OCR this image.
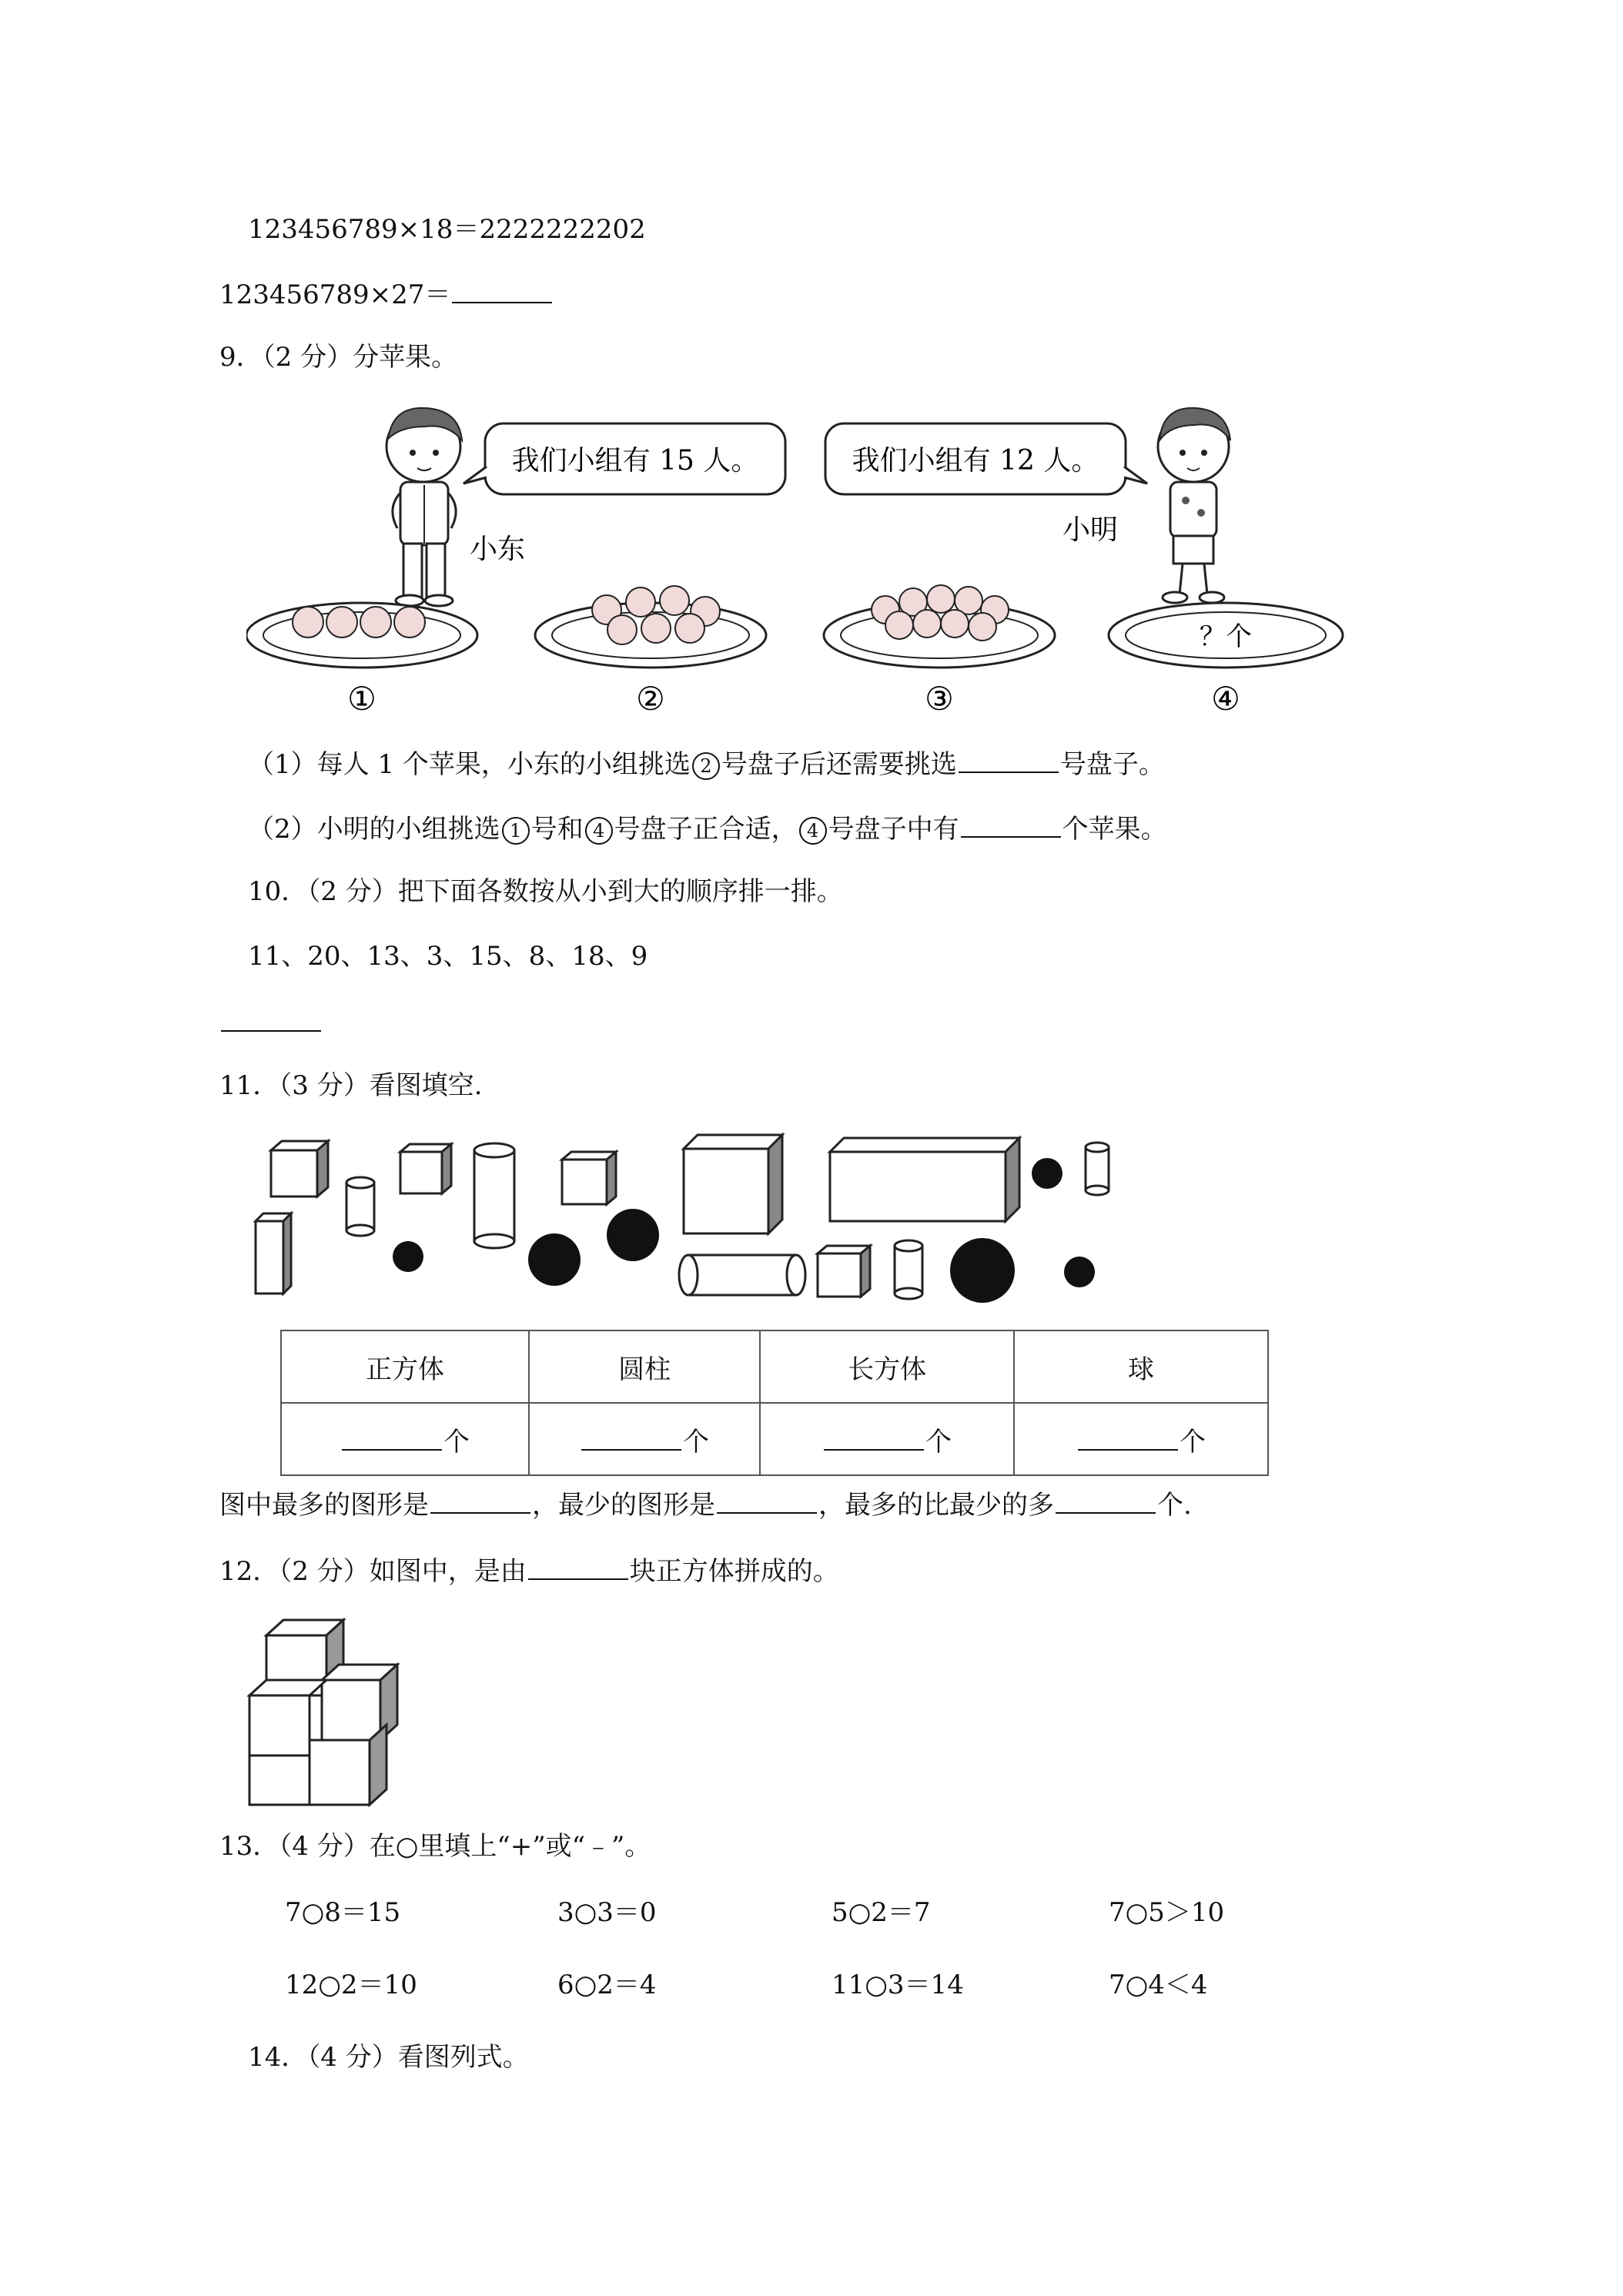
123456789×18＝2222222202
123456789×27＝
9．（2 分）分苹果。
我们小组有 15 人。
小东
我们小组有 12 人。
小明
？个
①	②	③	④
（1）每人 1 个苹果，小东的小组挑选 2 号盘子后还需要挑选	号盘子。
（2）小明的小组挑选 1 号和 4 号盘子正合适， 4 号盘子中有	个苹果。
10．（2 分）把下面各数按从小到大的顺序排一排。
11、20、13、3、15、8、18、9
11．（3 分）看图填空.
正方体	圆柱	长方体	球
个	个	个	个
图中最多的图形是	，最少的图形是	，最多的比最少的多	个.
12．（2 分）如图中，是由	块正方体拼成的。
13．（4 分）在○里填上“+”或“﹣”。
7○8＝15	3○3＝0	5○2＝7	7○5＞10
12○2＝10	6○2＝4	11○3＝14	7○4＜4
14．（4 分）看图列式。
